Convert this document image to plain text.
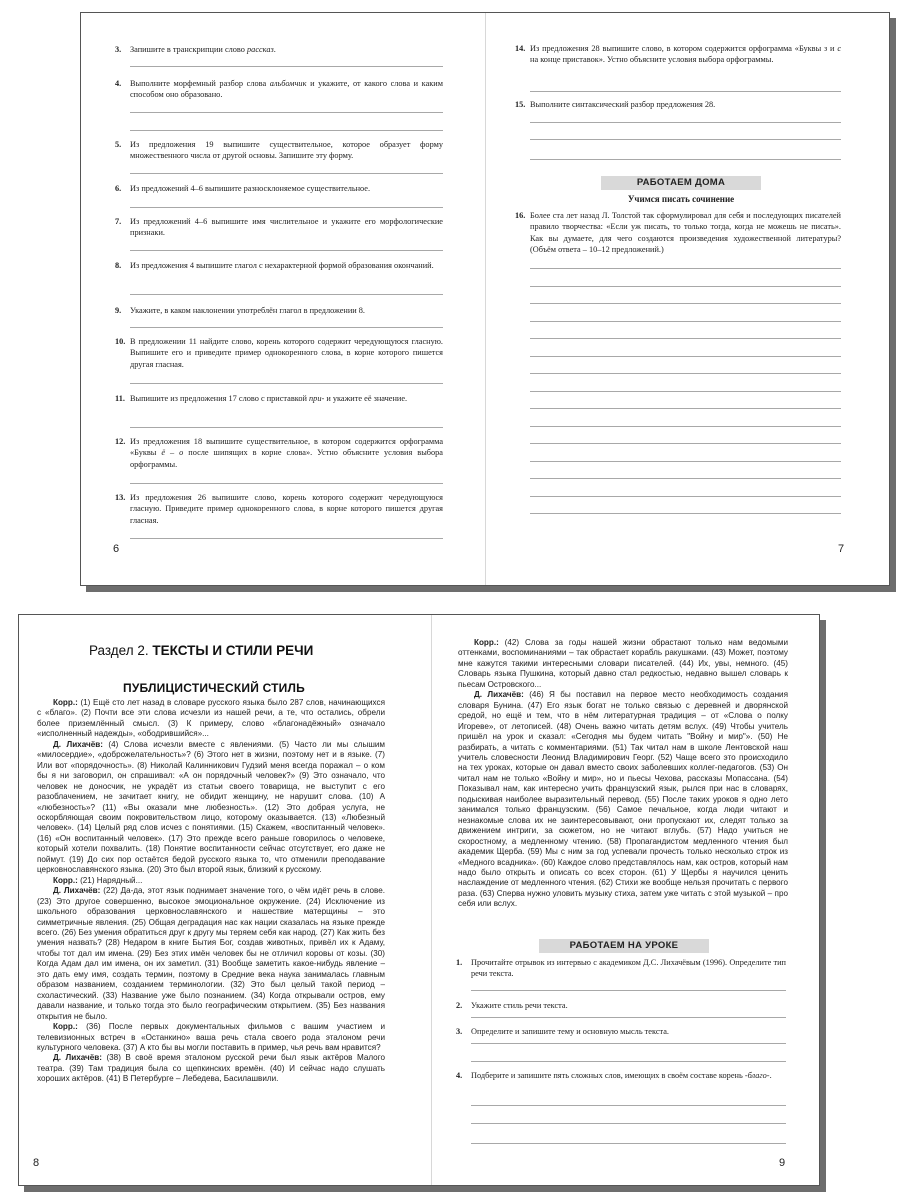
3. Запишите в транскрипции слово рассказ.
4. Выполните морфемный разбор слова альбомчик и укажите, от какого слова и каким способом оно образовано.
5. Из предложения 19 выпишите существительное, которое образует форму множественного числа от другой основы. Запишите эту форму.
6. Из предложений 4–6 выпишите разносклоняемое существительное.
7. Из предложений 4–6 выпишите имя числительное и укажите его морфологические признаки.
8. Из предложения 4 выпишите глагол с нехарактерной формой образования окончаний.
9. Укажите, в каком наклонении употреблён глагол в предложении 8.
10. В предложении 11 найдите слово, корень которого содержит чередующуюся гласную. Выпишите его и приведите пример однокоренного слова, в корне которого пишется другая гласная.
11. Выпишите из предложения 17 слово с приставкой при- и укажите её значение.
12. Из предложения 18 выпишите существительное, в котором содержится орфограмма «Буквы ё – о после шипящих в корне слова». Устно объясните условия выбора орфограммы.
13. Из предложения 26 выпишите слово, корень которого содержит чередующуюся гласную. Приведите пример однокоренного слова, в корне которого пишется другая гласная.
14. Из предложения 28 выпишите слово, в котором содержится орфограмма «Буквы з и с на конце приставок». Устно объясните условия выбора орфограммы.
15. Выполните синтаксический разбор предложения 28.
16. Более ста лет назад Л. Толстой так сформулировал для себя и последующих писателей правило творчества: «Если уж писать, то только тогда, когда не можешь не писать». Как вы думаете, для чего создаются произведения художественной литературы? (Объём ответа – 10–12 предложений.)
6	7
РАБОТАЕМ ДОМА
Учимся писать сочинение
Раздел 2. ТЕКСТЫ И СТИЛИ РЕЧИ
ПУБЛИЦИСТИЧЕСКИЙ СТИЛЬ

Корр.: (1) Ещё сто лет назад в словаре русского языка было 287 слов, начинающихся с «благо». (2) Почти все эти слова исчезли из нашей речи, а те, что остались, обрели более приземлённый смысл. (3) К примеру, слово «благонадёжный» означало «исполненный надежды», «ободрившийся»...

Д. Лихачёв: (4) Слова исчезли вместе с явлениями. (5) Часто ли мы слышим «милосердие», «доброжелательность»? (6) Этого нет в жизни, поэтому нет и в языке. (7) Или вот «порядочность». (8) Николай Калинникович Гудзий меня всегда поражал – о ком бы я ни заговорил, он спрашивал: «А он порядочный человек?» (9) Это означало, что человек не доносчик, не украдёт из статьи своего товарища, не выступит с его разоблачением, не зачитает книгу, не обидит женщину, не нарушит слова. (10) А «любезность»? (11) «Вы оказали мне любезность». (12) Это добрая услуга, не оскорбляющая своим покровительством лицо, которому оказывается. (13) «Любезный человек». (14) Целый ряд слов исчез с понятиями. (15) Скажем, «воспитанный человек». (16) «Он воспитанный человек». (17) Это прежде всего раньше говорилось о человеке, который хотели похвалить. (18) Понятие воспитанности сейчас отсутствует, его даже не поймут. (19) До сих пор остаётся бедой русского языка то, что отменили преподавание церковнославянского языка. (20) Это был второй язык, близкий к русскому.

Корр.: (21) Нарядный...

Д. Лихачёв: (22) Да-да, этот язык поднимает значение того, о чём идёт речь в слове. (23) Это другое совершенно, высокое эмоциональное окружение. (24) Исключение из школьного образования церковнославянского и нашествие матерщины – это симметричные явления. (25) Общая деградация нас как нации сказалась на языке прежде всего. (26) Без умения обратиться друг к другу мы теряем себя как народ. (27) Как жить без умения назвать? (28) Недаром в книге Бытия Бог, создав животных, привёл их к Адаму, чтобы тот дал им имена. (29) Без этих имён человек бы не отличил коровы от козы. (30) Когда Адам дал им имена, он их заметил. (31) Вообще заметить какое-нибудь явление – это дать ему имя, создать термин, поэтому в Средние века наука занималась главным образом названием, созданием терминологии. (32) Это был целый такой период – схоластический. (33) Название уже было познанием. (34) Когда открывали остров, ему давали название, и только тогда это было географическим открытием. (35) Без названия открытия не было.

Корр.: (36) После первых документальных фильмов с вашим участием и телевизионных встреч в «Останкино» ваша речь стала своего рода эталоном речи культурного человека. (37) А кто бы вы могли поставить в пример, чья речь вам нравится?

Д. Лихачёв: (38) В своё время эталоном русской речи был язык актёров Малого театра. (39) Там традиция была со щепкинских времён. (40) И сейчас надо слушать хороших актёров. (41) В Петербурге – Лебедева, Басилашвили.

Корр.: (42) Слова за годы нашей жизни обрастают только нам ведомыми оттенками, воспоминаниями – так обрастает корабль ракушками. (43) Может, поэтому мне кажутся такими интересными словари писателей. (44) Их, увы, немного. (45) Словарь языка Пушкина, который давно стал редкостью, недавно вышел словарь к пьесам Островского...

Д. Лихачёв: (46) Я бы поставил на первое место необходимость создания словаря Бунина. (47) Его язык богат не только связью с деревней и дворянской средой, но ещё и тем, что в нём литературная традиция – от «Слова о полку Игореве», от летописей. (48) Очень важно читать детям вслух. (49) Чтобы учитель пришёл на урок и сказал: «Сегодня мы будем читать "Войну и мир"». (50) Не разбирать, а читать с комментариями. (51) Так читал нам в школе Лентовской наш учитель словесности Леонид Владимирович Георг. (52) Чаще всего это происходило на тех уроках, которые он давал вместо своих заболевших коллег-педагогов. (53) Он читал нам не только «Войну и мир», но и пьесы Чехова, рассказы Мопассана. (54) Показывал нам, как интересно учить французский язык, рылся при нас в словарях, подыскивая наиболее выразительный перевод. (55) После таких уроков я одно лето занимался только французским. (56) Самое печальное, когда люди читают и незнакомые слова их не заинтересовывают, они пропускают их, следят только за движением интриги, за сюжетом, но не читают вглубь. (57) Надо учиться не скоростному, а медленному чтению. (58) Пропагандистом медленного чтения был академик Щерба. (59) Мы с ним за год успевали прочесть только несколько строк из «Медного всадника». (60) Каждое слово представлялось нам, как остров, который нам надо было открыть и описать со всех сторон. (61) У Щербы я научился ценить наслаждение от медленного чтения. (62) Стихи же вообще нельзя прочитать с первого раза. (63) Сперва нужно уловить музыку стиха, затем уже читать с этой музыкой – про себя или вслух.

РАБОТАЕМ НА УРОКЕ
1. Прочитайте отрывок из интервью с академиком Д.С. Лихачёвым (1996). Определите тип речи текста.
2. Укажите стиль речи текста.
3. Определите и запишите тему и основную мысль текста.
4. Подберите и запишите пять сложных слов, имеющих в своём составе корень -благо-.
8	9
